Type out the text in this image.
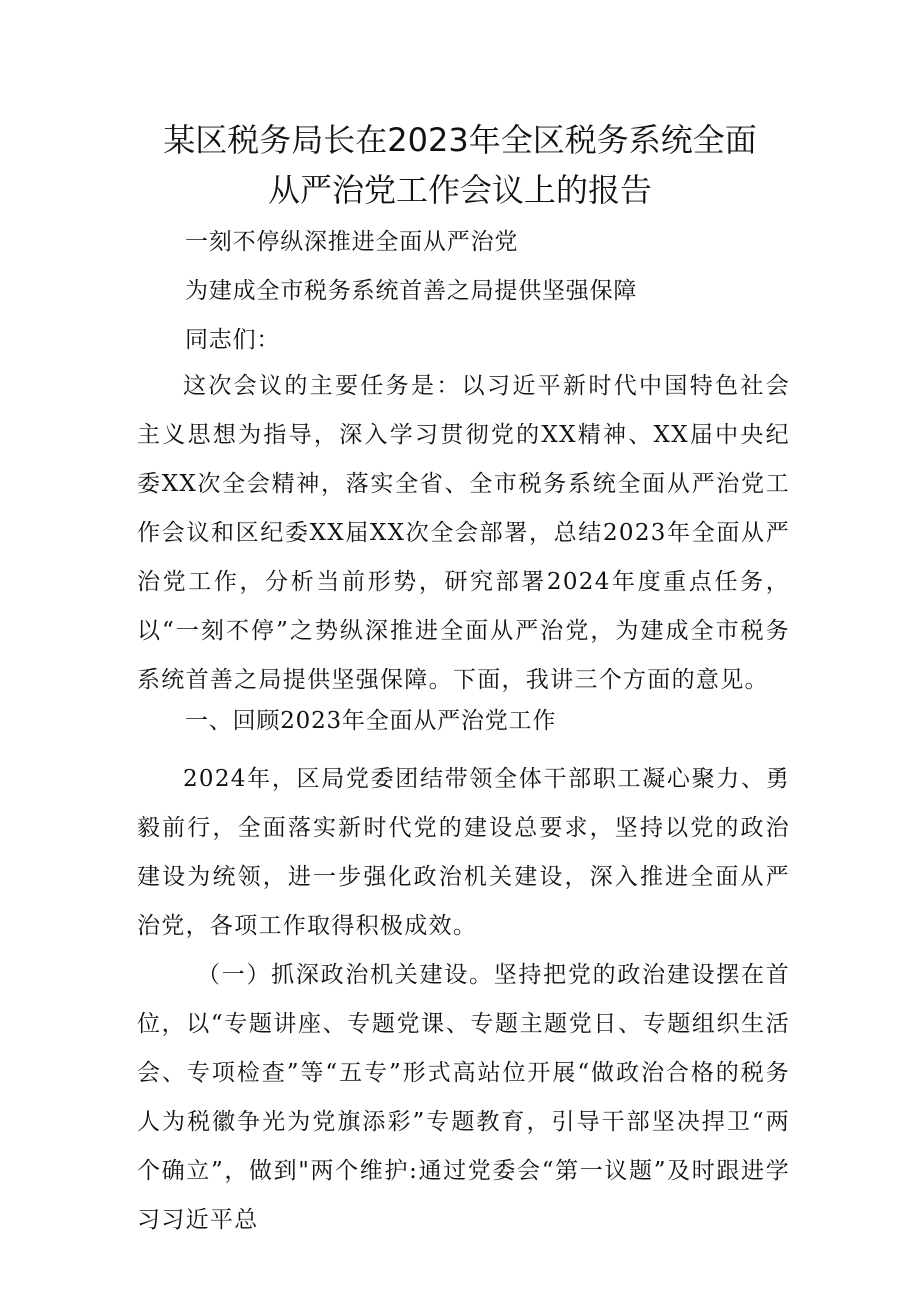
某区税务局长在2023年全区税务系统全面
从严治党工作会议上的报告
一刻不停纵深推进全面从严治党
为建成全市税务系统首善之局提供坚强保障
同志们：

这次会议的主要任务是：以习近平新时代中国特色社会主义思想为指导，深入学习贯彻党的XX精神、XX届中央纪委XX次全会精神，落实全省、全市税务系统全面从严治党工作会议和区纪委XX届XX次全会部署，总结2023年全面从严治党工作，分析当前形势，研究部署2024年度重点任务，以“一刻不停”之势纵深推进全面从严治党，为建成全市税务系统首善之局提供坚强保障。下面，我讲三个方面的意见。

一、回顾2023年全面从严治党工作

2024年，区局党委团结带领全体干部职工凝心聚力、勇毅前行，全面落实新时代党的建设总要求，坚持以党的政治建设为统领，进一步强化政治机关建设，深入推进全面从严治党，各项工作取得积极成效。

（一）抓深政治机关建设。坚持把党的政治建设摆在首位，以“专题讲座、专题党课、专题主题党日、专题组织生活会、专项检查”等“五专”形式高站位开展“做政治合格的税务人为税徽争光为党旗添彩”专题教育，引导干部坚决捍卫“两个确立”，做到"两个维护:通过党委会“第一议题”及时跟进学习习近平总
